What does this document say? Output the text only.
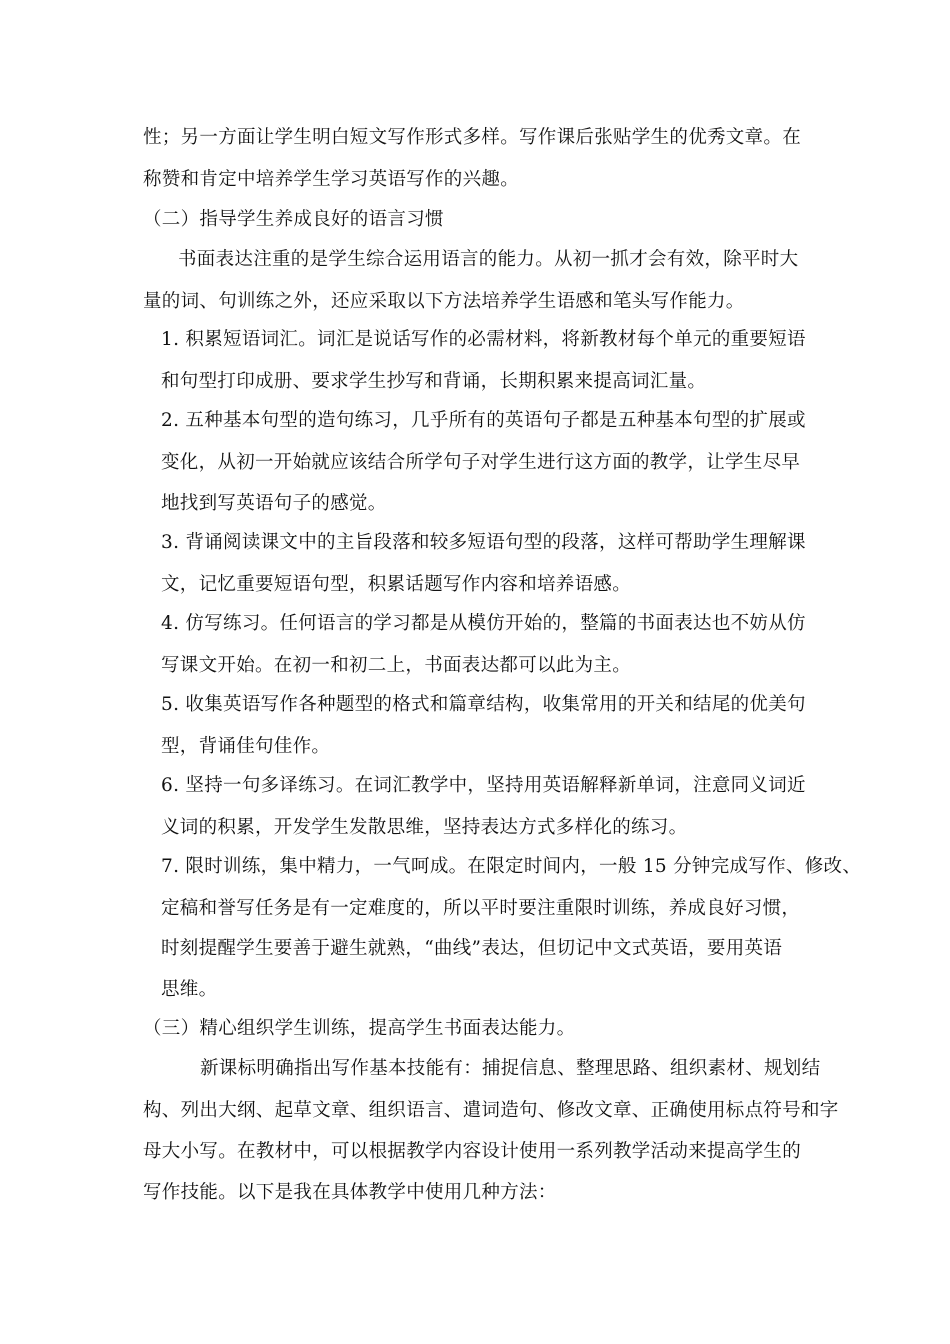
性；另一方面让学生明白短文写作形式多样。写作课后张贴学生的优秀文章。在
称赞和肯定中培养学生学习英语写作的兴趣。
（二）指导学生养成良好的语言习惯
书面表达注重的是学生综合运用语言的能力。从初一抓才会有效，除平时大
量的词、句训练之外，还应采取以下方法培养学生语感和笔头写作能力。
1. 积累短语词汇。词汇是说话写作的必需材料，将新教材每个单元的重要短语
和句型打印成册、要求学生抄写和背诵，长期积累来提高词汇量。
2. 五种基本句型的造句练习，几乎所有的英语句子都是五种基本句型的扩展或
变化，从初一开始就应该结合所学句子对学生进行这方面的教学，让学生尽早
地找到写英语句子的感觉。
3. 背诵阅读课文中的主旨段落和较多短语句型的段落，这样可帮助学生理解课
文，记忆重要短语句型，积累话题写作内容和培养语感。
4. 仿写练习。任何语言的学习都是从模仿开始的，整篇的书面表达也不妨从仿
写课文开始。在初一和初二上，书面表达都可以此为主。
5. 收集英语写作各种题型的格式和篇章结构，收集常用的开关和结尾的优美句
型，背诵佳句佳作。
6. 坚持一句多译练习。在词汇教学中，坚持用英语解释新单词，注意同义词近
义词的积累，开发学生发散思维，坚持表达方式多样化的练习。
7. 限时训练，集中精力，一气呵成。在限定时间内，一般 15 分钟完成写作、修改、
定稿和誉写任务是有一定难度的，所以平时要注重限时训练，养成良好习惯，
时刻提醒学生要善于避生就熟，“曲线”表达，但切记中文式英语，要用英语
思维。
（三）精心组织学生训练，提高学生书面表达能力。
新课标明确指出写作基本技能有：捕捉信息、整理思路、组织素材、规划结
构、列出大纲、起草文章、组织语言、遣词造句、修改文章、正确使用标点符号和字
母大小写。在教材中，可以根据教学内容设计使用一系列教学活动来提高学生的
写作技能。以下是我在具体教学中使用几种方法：
